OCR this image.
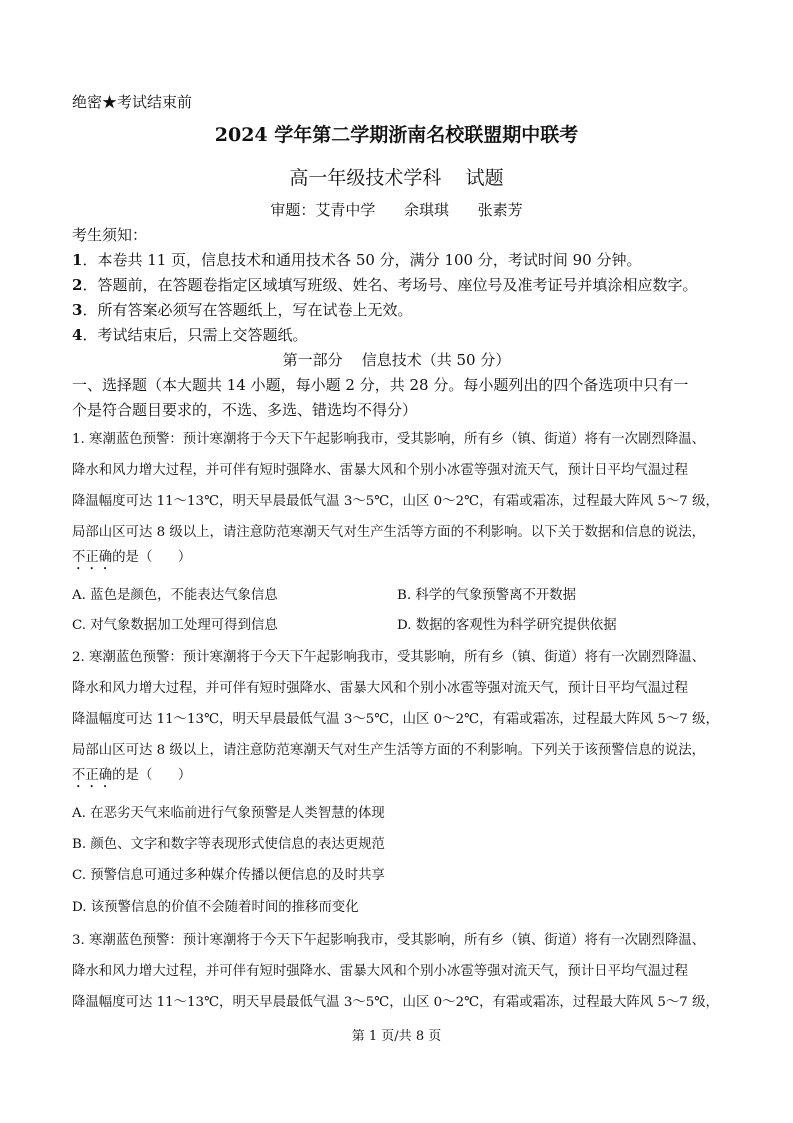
绝密★考试结束前
2024 学年第二学期浙南名校联盟期中联考
高一年级技术学科    试题
审题：艾青中学      余琪琪      张素芳
考生须知：
1．本卷共 11 页，信息技术和通用技术各 50 分，满分 100 分，考试时间 90 分钟。
2．答题前，在答题卷指定区域填写班级、姓名、考场号、座位号及准考证号并填涂相应数字。
3．所有答案必须写在答题纸上，写在试卷上无效。
4．考试结束后，只需上交答题纸。
第一部分    信息技术（共 50 分）
一、选择题（本大题共 14 小题，每小题 2 分，共 28 分。每小题列出的四个备选项中只有一
个是符合题目要求的，不选、多选、错选均不得分）
1. 寒潮蓝色预警：预计寒潮将于今天下午起影响我市，受其影响，所有乡（镇、街道）将有一次剧烈降温、
降水和风力增大过程，并可伴有短时强降水、雷暴大风和个别小冰雹等强对流天气，预计日平均气温过程
降温幅度可达 11～13℃，明天早晨最低气温 3～5℃，山区 0～2℃，有霜或霜冻，过程最大阵风 5～7 级，
局部山区可达 8 级以上，请注意防范寒潮天气对生产生活等方面的不利影响。以下关于数据和信息的说法，
不正确的是（      ）
A. 蓝色是颜色，不能表达气象信息	B. 科学的气象预警离不开数据
C. 对气象数据加工处理可得到信息	D. 数据的客观性为科学研究提供依据
2. 寒潮蓝色预警：预计寒潮将于今天下午起影响我市，受其影响，所有乡（镇、街道）将有一次剧烈降温、
降水和风力增大过程，并可伴有短时强降水、雷暴大风和个别小冰雹等强对流天气，预计日平均气温过程
降温幅度可达 11～13℃，明天早晨最低气温 3～5℃，山区 0～2℃，有霜或霜冻，过程最大阵风 5～7 级，
局部山区可达 8 级以上，请注意防范寒潮天气对生产生活等方面的不利影响。下列关于该预警信息的说法，
不正确的是（      ）
A. 在恶劣天气来临前进行气象预警是人类智慧的体现
B. 颜色、文字和数字等表现形式使信息的表达更规范
C. 预警信息可通过多种媒介传播以便信息的及时共享
D. 该预警信息的价值不会随着时间的推移而变化
3. 寒潮蓝色预警：预计寒潮将于今天下午起影响我市，受其影响，所有乡（镇、街道）将有一次剧烈降温、
降水和风力增大过程，并可伴有短时强降水、雷暴大风和个别小冰雹等强对流天气，预计日平均气温过程
降温幅度可达 11～13℃，明天早晨最低气温 3～5℃，山区 0～2℃，有霜或霜冻，过程最大阵风 5～7 级，
第 1 页/共 8 页
